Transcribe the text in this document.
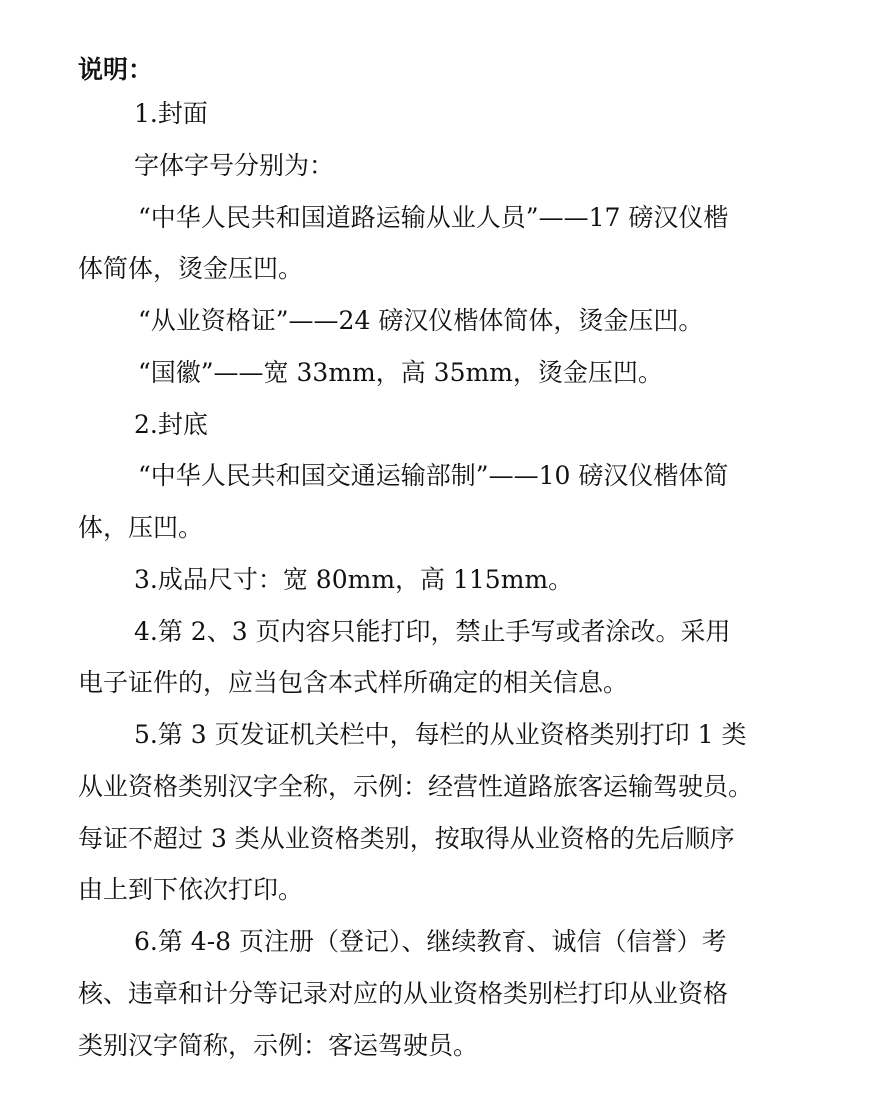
说明：

1.封面

字体字号分别为：

“中华人民共和国道路运输从业人员”——17 磅汉仪楷

体简体，烫金压凹。

“从业资格证”——24 磅汉仪楷体简体，烫金压凹。

“国徽”——宽 33mm，高 35mm，烫金压凹。

2.封底

“中华人民共和国交通运输部制”——10 磅汉仪楷体简

体，压凹。

3.成品尺寸：宽 80mm，高 115mm。

4.第 2、3 页内容只能打印，禁止手写或者涂改。采用

电子证件的，应当包含本式样所确定的相关信息。

5.第 3 页发证机关栏中，每栏的从业资格类别打印 1 类

从业资格类别汉字全称，示例：经营性道路旅客运输驾驶员。

每证不超过 3 类从业资格类别，按取得从业资格的先后顺序

由上到下依次打印。

6.第 4-8 页注册（登记）、继续教育、诚信（信誉）考

核、违章和计分等记录对应的从业资格类别栏打印从业资格

类别汉字简称，示例：客运驾驶员。
